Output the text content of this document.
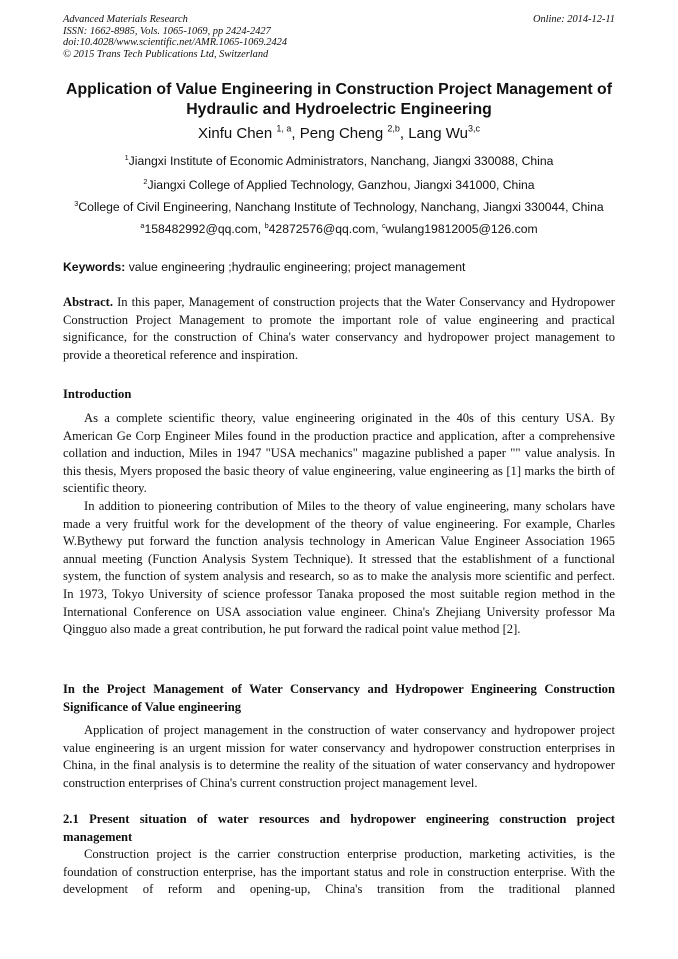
Advanced Materials Research
ISSN: 1662-8985, Vols. 1065-1069, pp 2424-2427
doi:10.4028/www.scientific.net/AMR.1065-1069.2424
© 2015 Trans Tech Publications Ltd, Switzerland
Online: 2014-12-11
Application of Value Engineering in Construction Project Management of
Hydraulic and Hydroelectric Engineering
Xinfu Chen $^{1, a}$, Peng Cheng $^{2,b}$, Lang Wu$^{3,c}$
$^1$Jiangxi Institute of Economic Administrators, Nanchang, Jiangxi 330088, China
$^2$Jiangxi College of Applied Technology, Ganzhou, Jiangxi 341000, China
$^3$College of Civil Engineering, Nanchang Institute of Technology, Nanchang, Jiangxi 330044, China
$^a$158482992@qq.com, $^b$42872576@qq.com, $^c$wulang19812005@126.com
Keywords: value engineering ;hydraulic engineering; project management

Abstract. In this paper, Management of construction projects that the Water Conservancy and Hydropower Construction Project Management to promote the important role of value engineering and practical significance, for the construction of China's water conservancy and hydropower project management to provide a theoretical reference and inspiration.

Introduction

As a complete scientific theory, value engineering originated in the 40s of this century USA. By American Ge Corp Engineer Miles found in the production practice and application, after a comprehensive collation and induction, Miles in 1947 "USA mechanics" magazine published a paper "" value analysis. In this thesis, Myers proposed the basic theory of value engineering, value engineering as [1] marks the birth of scientific theory.

In addition to pioneering contribution of Miles to the theory of value engineering, many scholars have made a very fruitful work for the development of the theory of value engineering. For example, Charles W.Bythewy put forward the function analysis technology in American Value Engineer Association 1965 annual meeting (Function Analysis System Technique). It stressed that the establishment of a functional system, the function of system analysis and research, so as to make the analysis more scientific and perfect. In 1973, Tokyo University of science professor Tanaka proposed the most suitable region method in the International Conference on USA association value engineer. China's Zhejiang University professor Ma Qingguo also made a great contribution, he put forward the radical point value method [2].

In the Project Management of Water Conservancy and Hydropower Engineering Construction Significance of Value engineering

Application of project management in the construction of water conservancy and hydropower project value engineering is an urgent mission for water conservancy and hydropower construction enterprises in China, in the final analysis is to determine the reality of the situation of water conservancy and hydropower construction enterprises of China's current construction project management level.

2.1 Present situation of water resources and hydropower engineering construction project management

Construction project is the carrier construction enterprise production, marketing activities, is the foundation of construction enterprise, has the important status and role in construction enterprise. With the development of reform and opening-up, China's transition from the traditional planned
